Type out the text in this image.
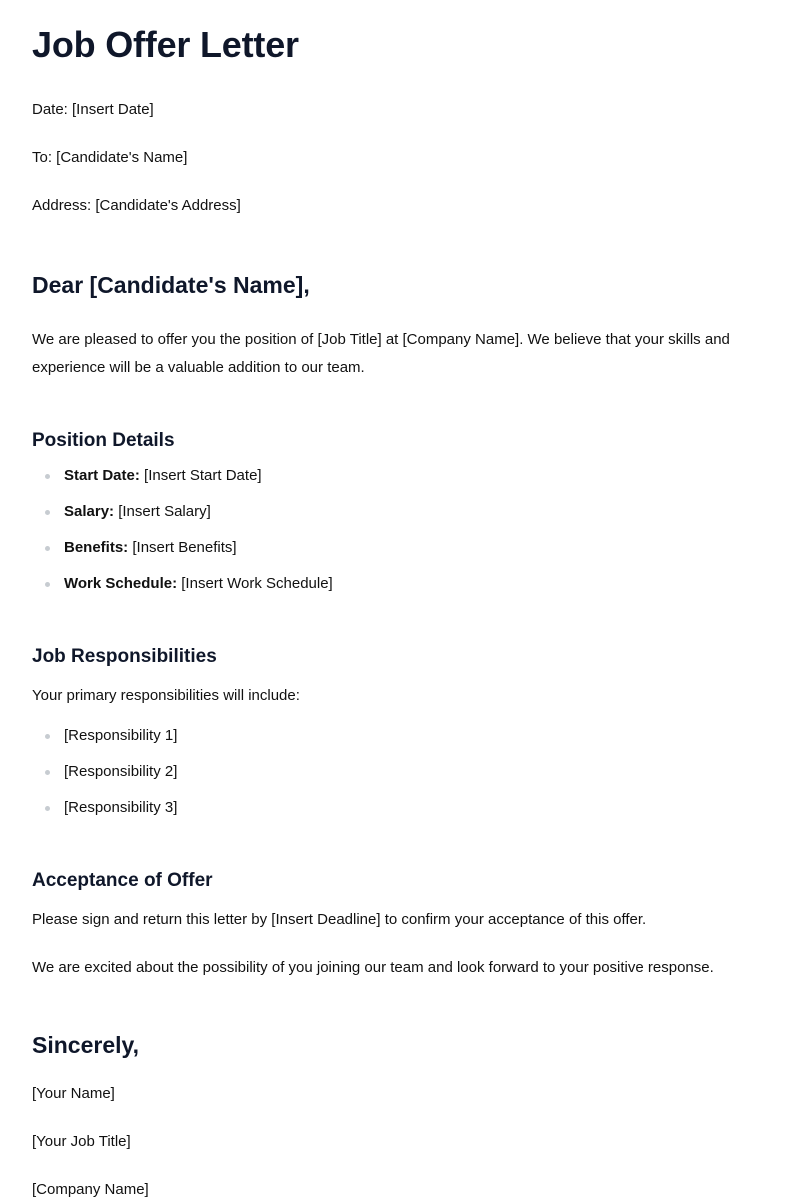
Job Offer Letter

Date: [Insert Date]

To: [Candidate's Name]

Address: [Candidate's Address]

Dear [Candidate's Name],

We are pleased to offer you the position of [Job Title] at [Company Name]. We believe that your skills and experience will be a valuable addition to our team.

Position Details
Start Date: [Insert Start Date]
Salary: [Insert Salary]
Benefits: [Insert Benefits]
Work Schedule: [Insert Work Schedule]
Job Responsibilities

Your primary responsibilities will include:

[Responsibility 1]
[Responsibility 2]
[Responsibility 3]
Acceptance of Offer

Please sign and return this letter by [Insert Deadline] to confirm your acceptance of this offer.

We are excited about the possibility of you joining our team and look forward to your positive response.

Sincerely,

[Your Name]

[Your Job Title]

[Company Name]
